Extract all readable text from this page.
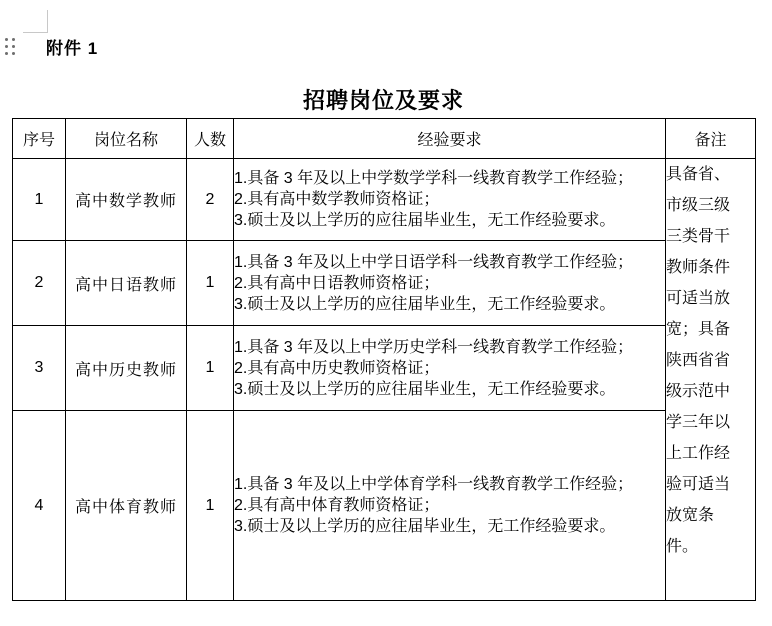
附件 1
招聘岗位及要求
序号	岗位名称	人数	经验要求	备注
1	高中数学教师	2	1.具备 3 年及以上中学数学学科一线教育教学工作经验；
2.具有高中数学教师资格证；
3.硕士及以上学历的应往届毕业生，无工作经验要求。	具备省、市级三级三类骨干教师条件可适当放宽；具备陕西省省级示范中学三年以上工作经验可适当放宽条件。

2	高中日语教师	1	1.具备 3 年及以上中学日语学科一线教育教学工作经验；
2.具有高中日语教师资格证；
3.硕士及以上学历的应往届毕业生，无工作经验要求。	

3	高中历史教师	1	1.具备 3 年及以上中学历史学科一线教育教学工作经验；
2.具有高中历史教师资格证；
3.硕士及以上学历的应往届毕业生，无工作经验要求。	

4	高中体育教师	1	1.具备 3 年及以上中学体育学科一线教育教学工作经验；
2.具有高中体育教师资格证；
3.硕士及以上学历的应往届毕业生，无工作经验要求。	
